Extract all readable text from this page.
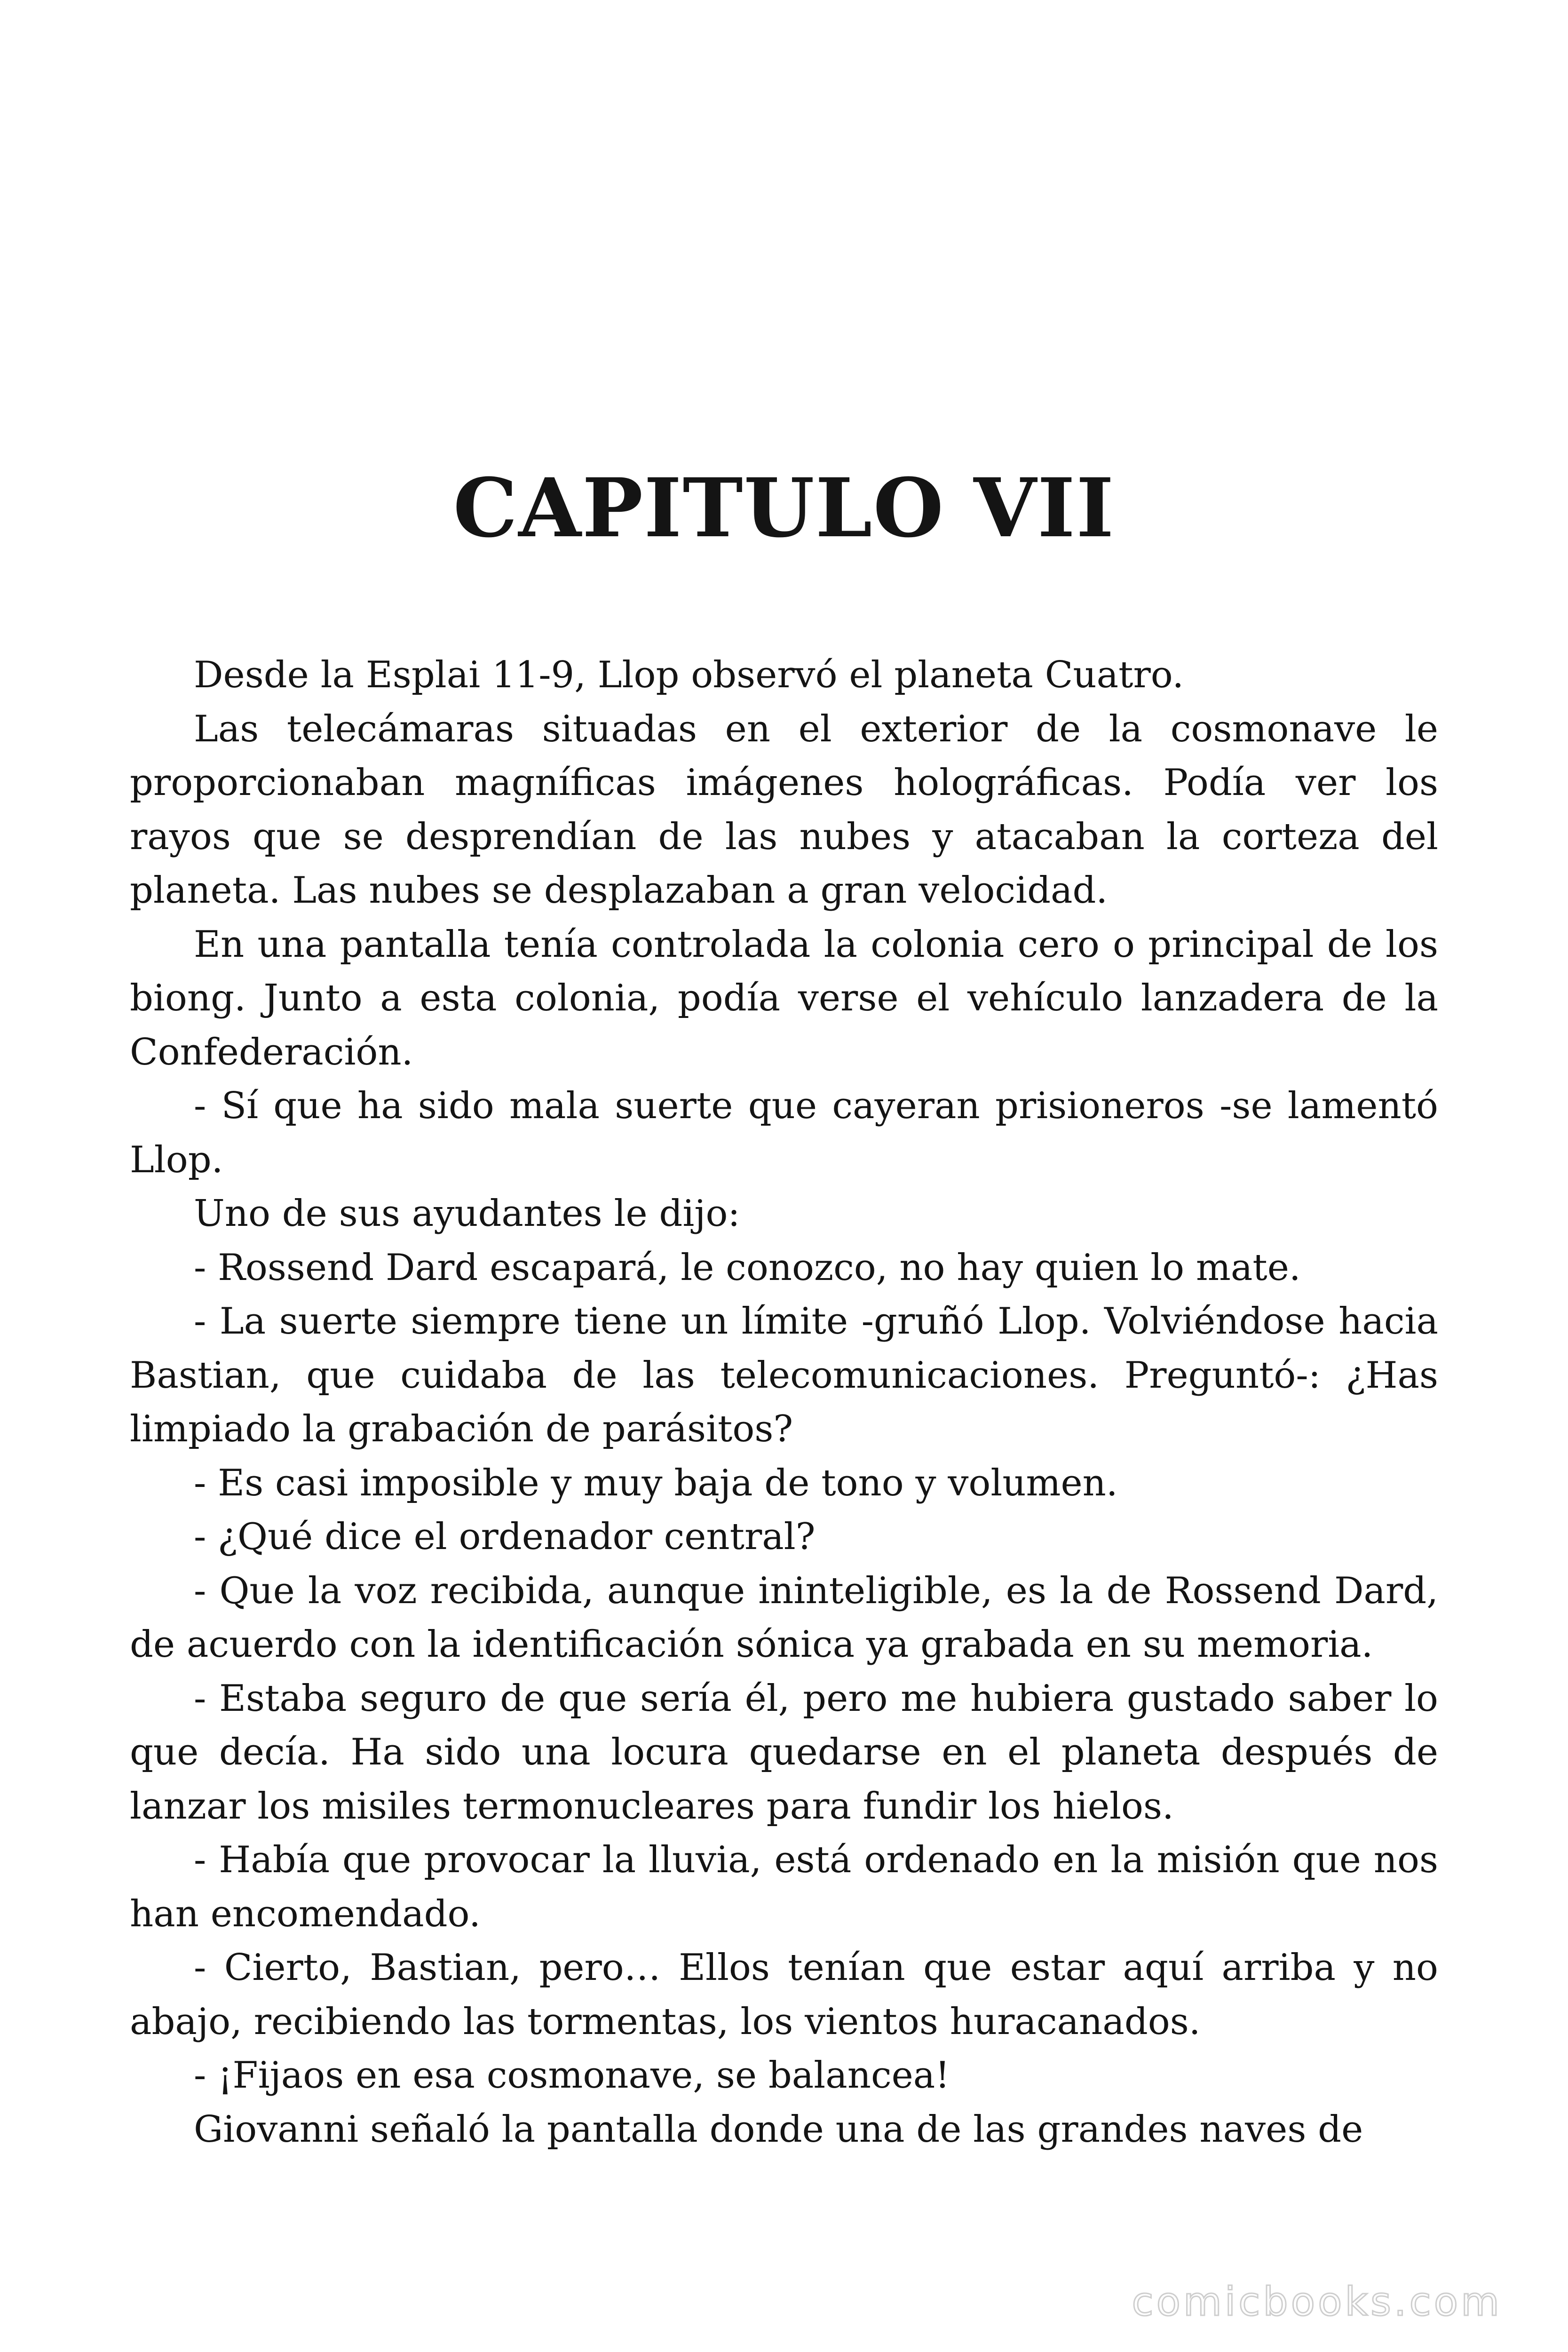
CAPITULO VII

Desde la Esplai 11-9, Llop observó el planeta Cuatro.

Las telecámaras situadas en el exterior de la cosmonave le proporcionaban magníficas imágenes holográficas. Podía ver los rayos que se desprendían de las nubes y atacaban la corteza del planeta. Las nubes se desplazaban a gran velocidad.

En una pantalla tenía controlada la colonia cero o principal de los biong. Junto a esta colonia, podía verse el vehículo lanzadera de la Confederación.

- Sí que ha sido mala suerte que cayeran prisioneros -se lamentó Llop.

Uno de sus ayudantes le dijo:

- Rossend Dard escapará, le conozco, no hay quien lo mate.

- La suerte siempre tiene un límite -gruñó Llop. Volviéndose hacia Bastian, que cuidaba de las telecomunicaciones. Preguntó-: ¿Has limpiado la grabación de parásitos?

- Es casi imposible y muy baja de tono y volumen.

- ¿Qué dice el ordenador central?

- Que la voz recibida, aunque ininteligible, es la de Rossend Dard, de acuerdo con la identificación sónica ya grabada en su memoria.

- Estaba seguro de que sería él, pero me hubiera gustado saber lo que decía. Ha sido una locura quedarse en el planeta después de lanzar los misiles termonucleares para fundir los hielos.

- Había que provocar la lluvia, está ordenado en la misión que nos han encomendado.

- Cierto, Bastian, pero… Ellos tenían que estar aquí arriba y no abajo, recibiendo las tormentas, los vientos huracanados.

- ¡Fijaos en esa cosmonave, se balancea!

Giovanni señaló la pantalla donde una de las grandes naves de

comicbooks.com
